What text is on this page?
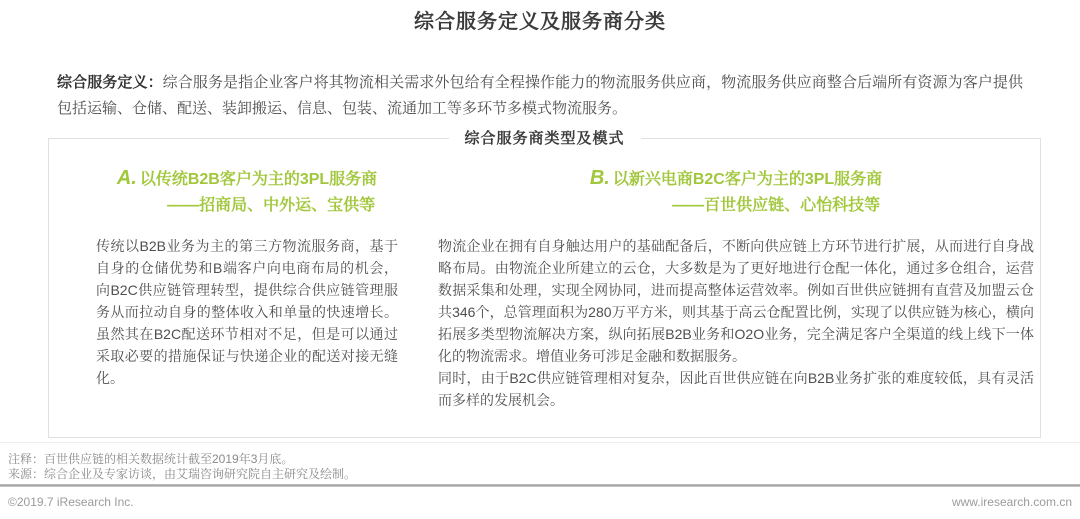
综合服务定义及服务商分类

综合服务定义：综合服务是指企业客户将其物流相关需求外包给有全程操作能力的物流服务供应商，物流服务供应商整合后端所有资源为客户提供包括运输、仓储、配送、装卸搬运、信息、包装、流通加工等多环节多模式物流服务。

综合服务商类型及模式
A. 以传统B2B客户为主的3PL服务商
——招商局、中外运、宝供等

传统以B2B业务为主的第三方物流服务商，基于自身的仓储优势和B端客户向电商布局的机会，向B2C供应链管理转型，提供综合供应链管理服务从而拉动自身的整体收入和单量的快速增长。虽然其在B2C配送环节相对不足，但是可以通过采取必要的措施保证与快递企业的配送对接无缝化。

B. 以新兴电商B2C客户为主的3PL服务商
——百世供应链、心怡科技等

物流企业在拥有自身触达用户的基础配备后，不断向供应链上方环节进行扩展，从而进行自身战略布局。由物流企业所建立的云仓，大多数是为了更好地进行仓配一体化，通过多仓组合，运营数据采集和处理，实现全网协同，进而提高整体运营效率。例如百世供应链拥有直营及加盟云仓共346个，总管理面积为280万平方米，则其基于高云仓配置比例，实现了以供应链为核心，横向拓展多类型物流解决方案，纵向拓展B2B业务和O2O业务，完全满足客户全渠道的线上线下一体化的物流需求。增值业务可涉足金融和数据服务。

同时，由于B2C供应链管理相对复杂，因此百世供应链在向B2B业务扩张的难度较低，具有灵活而多样的发展机会。

注释：百世供应链的相关数据统计截至2019年3月底。
来源：综合企业及专家访谈，由艾瑞咨询研究院自主研究及绘制。
©2019.7 iResearch Inc.	www.iresearch.com.cn
